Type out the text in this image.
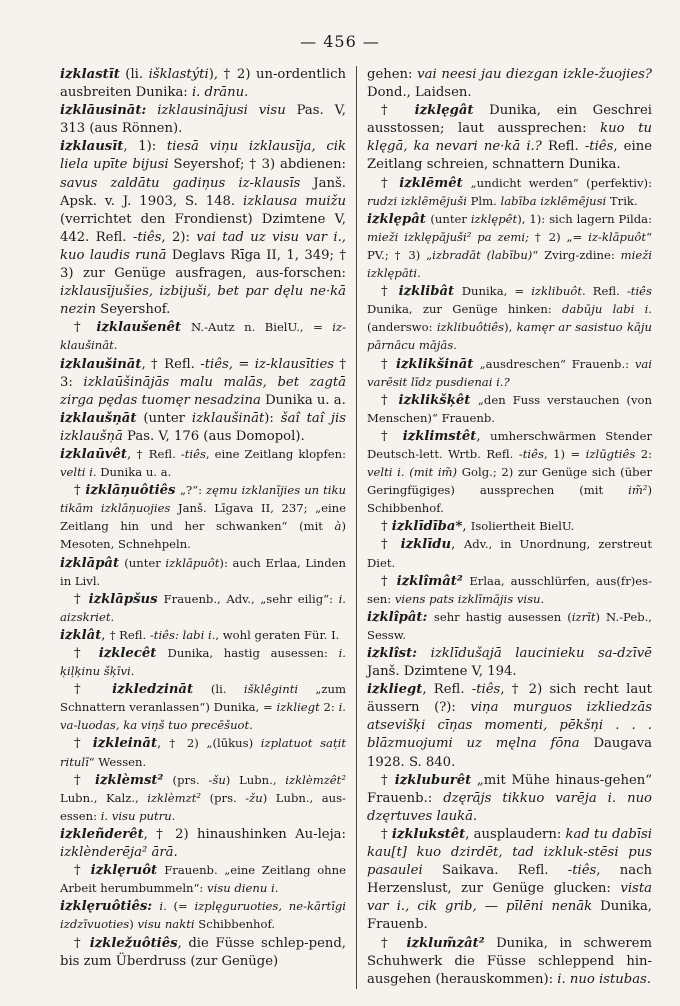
— 456 —

izklastīt (li. išklastýti), † 2) un-ordentlich ausbreiten Dunika: i. drānu.

izklāusināt: izklausinājusi visu Pas. V, 313 (aus Rönnen).

izklausīt, 1): tiesā viņu izklausīja, cik liela upīte bijusi Seyershof; † 3) abdienen: savus zaldātu gadiņus iz-klausīs Janš. Apsk. v. J. 1903, S. 148. izklausa muižu (verrichtet den Frondienst) Dzimtene V, 442. Refl. -tiês, 2): vai tad uz visu var i., kuo laudis runā Deglavs Rīga II, 1, 349; † 3) zur Genüge ausfragen, aus-forschen: izklausījušies, izbijuši, bet par dęlu ne·kā nezin Seyershof.

† izklaušenêt N.-Autz n. BielU., = iz-klaušināt.

izklaušināt, † Refl. -tiês, = iz-klausīties † 3: izklaūšinājās malu malās, bet zagtā zirga pędas tuomęr nesadzina Dunika u. a.

izklaušņāt (unter izklaušināt): šaî taî jis izklaušņā Pas. V, 176 (aus Domopol).

izklaūvêt, † Refl. -tiês, eine Zeitlang klopfen: velti i. Dunika u. a.

† izklāņuôtiês „?“: zęmu izklanījies un tiku tikām izklāņuojies Janš. Līgava II, 237; „eine Zeitlang hin und her schwanken“ (mit à) Mesoten, Schnehpeln.

izklāpât (unter izklāpuôt): auch Erlaa, Linden in Livl.

† izklāpšus Frauenb., Adv., „sehr eilig“: i. aizskriet.

izklât, † Refl. -tiês: labi i., wohl geraten Für. I.

† izklecêt Dunika, hastig ausessen: i. ķiļķinu šķīvi.

† izkledzināt (li. išklêginti „zum Schnattern veranlassen“) Dunika, = izkliegt 2: i. va-luodas, ka viņš tuo precēšuot.

† izkleināt, † 2) „(lūkus) izplatuot sațit ritulī“ Wessen.

† izklèmst² (prs. -šu) Lubn., izklèmzêt² Lubn., Kalz., izklèmzt² (prs. -žu) Lubn., aus-essen: i. visu putru.

izkleñderêt, † 2) hinaushinken Au-leja: izklènderēja² ārā.

† izklęruôt Frauenb. „eine Zeitlang ohne Arbeit herumbummeln“: visu dienu i.

izklęruôtiês: i. (= izplęguruoties, ne-kārtīgi izdzīvuoties) visu nakti Schibbenhof.

† izkležuôtiês, die Füsse schlep-pend, bis zum Überdruss (zur Genüge)

gehen: vai neesi jau diezgan izkle-žuojies? Dond., Laidsen.

† izklęgât Dunika, ein Geschrei ausstossen; laut aussprechen: kuo tu klęgā, ka nevari ne·kā i.? Refl. -tiês, eine Zeitlang schreien, schnattern Dunika.

† izklēmêt „undicht werden“ (perfektiv): rudzi izklēmējuši Plm. labība izklēmējusi Trik.

izklępât (unter izklępêt), 1): sich lagern Pilda: mieži izklępājuši² pa zemi; † 2) „= iz-klāpuôt“ PV.; † 3) „izbradāt (labību)“ Zvirg-zdine: mieži izklępāti.

† izklibât Dunika, = izklibuôt. Refl. -tiês Dunika, zur Genüge hinken: dabūju labi i. (anderswo: izklibuôtiês), kamęr ar sasistuo kāju pārnācu mājās.

† izklikšināt „ausdreschen“ Frauenb.: vai varēsit līdz pusdienai i.?

† izklikšķêt „den Fuss verstauchen (von Menschen)“ Frauenb.

† izklimstêt, umherschwärmen Stender Deutsch-lett. Wrtb. Refl. -tiês, 1) = izlūgtiês 2: velti i. (mit im̃) Golg.; 2) zur Genüge sich (über Geringfügiges) aussprechen (mit im̃²) Schibbenhof.

† izklīdība*, Isoliertheit BielU.

† izklīdu, Adv., in Unordnung, zerstreut Diet.

† izklîmât² Erlaa, ausschlürfen, aus(fr)es-sen: viens pats izklīmājis visu.

izklîpât: sehr hastig ausessen (izrīt) N.-Peb., Sessw.

izklîst: izklīdušajā laucinieku sa-dzīvē Janš. Dzimtene V, 194.

izkliegt, Refl. -tiês, † 2) sich recht laut äussern (?): viņa murguos izkliedzās atsevišķi cīņas momenti, pēkšņi . . . blāzmuojumi uz męlna fōna Daugava 1928. S. 840.

† izkluburêt „mit Mühe hinaus-gehen“ Frauenb.: dzęrājs tikkuo varēja i. nuo dzęrtuves laukā.

† izklukstêt, ausplaudern: kad tu dabīsi kau[t] kuo dzirdēt, tad izkluk-stēsi pus pasaulei Saikava. Refl. -tiês, nach Herzenslust, zur Genüge glucken: vista var i., cik grib, — pīlēni nenāk Dunika, Frauenb.

† izklum̃zât² Dunika, in schwerem Schuhwerk die Füsse schleppend hin-ausgehen (herauskommen): i. nuo istubas.
